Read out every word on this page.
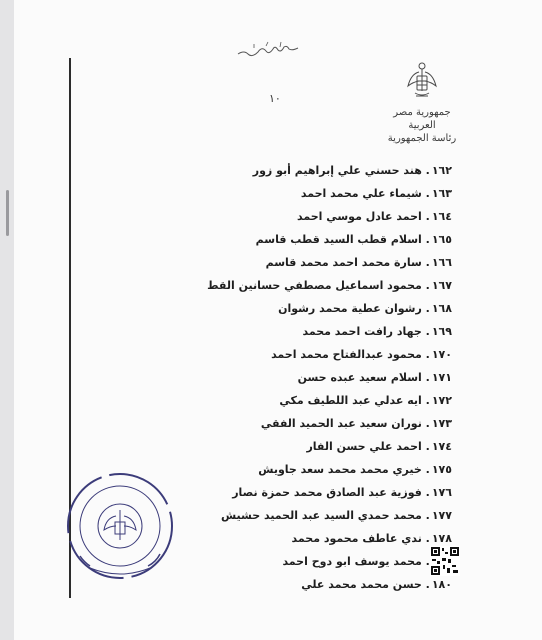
١٠
جمهورية مصر العربية
رئاسة الجمهورية
١٦٢. هند حسني علي إبراهيم أبو زور
١٦٣. شيماء علي محمد احمد
١٦٤. احمد عادل موسي احمد
١٦٥. اسلام قطب السيد قطب قاسم
١٦٦. سارة محمد احمد محمد قاسم
١٦٧. محمود اسماعيل مصطفي حسانين القط
١٦٨. رشوان عطية محمد رشوان
١٦٩. جهاد رافت احمد محمد
١٧٠. محمود عبدالفتاح محمد احمد
١٧١. اسلام سعيد عبده حسن
١٧٢. ايه عدلي عبد اللطيف مكي
١٧٣. نوران سعيد عبد الحميد الفقي
١٧٤. احمد علي حسن الفار
١٧٥. خيري محمد محمد سعد جاويش
١٧٦. فوزية عبد الصادق محمد حمزة نصار
١٧٧. محمد حمدي السيد عبد الحميد حشيش
١٧٨. ندي عاطف محمود محمد
. محمد يوسف ابو دوح احمد
١٨٠. حسن محمد محمد علي
